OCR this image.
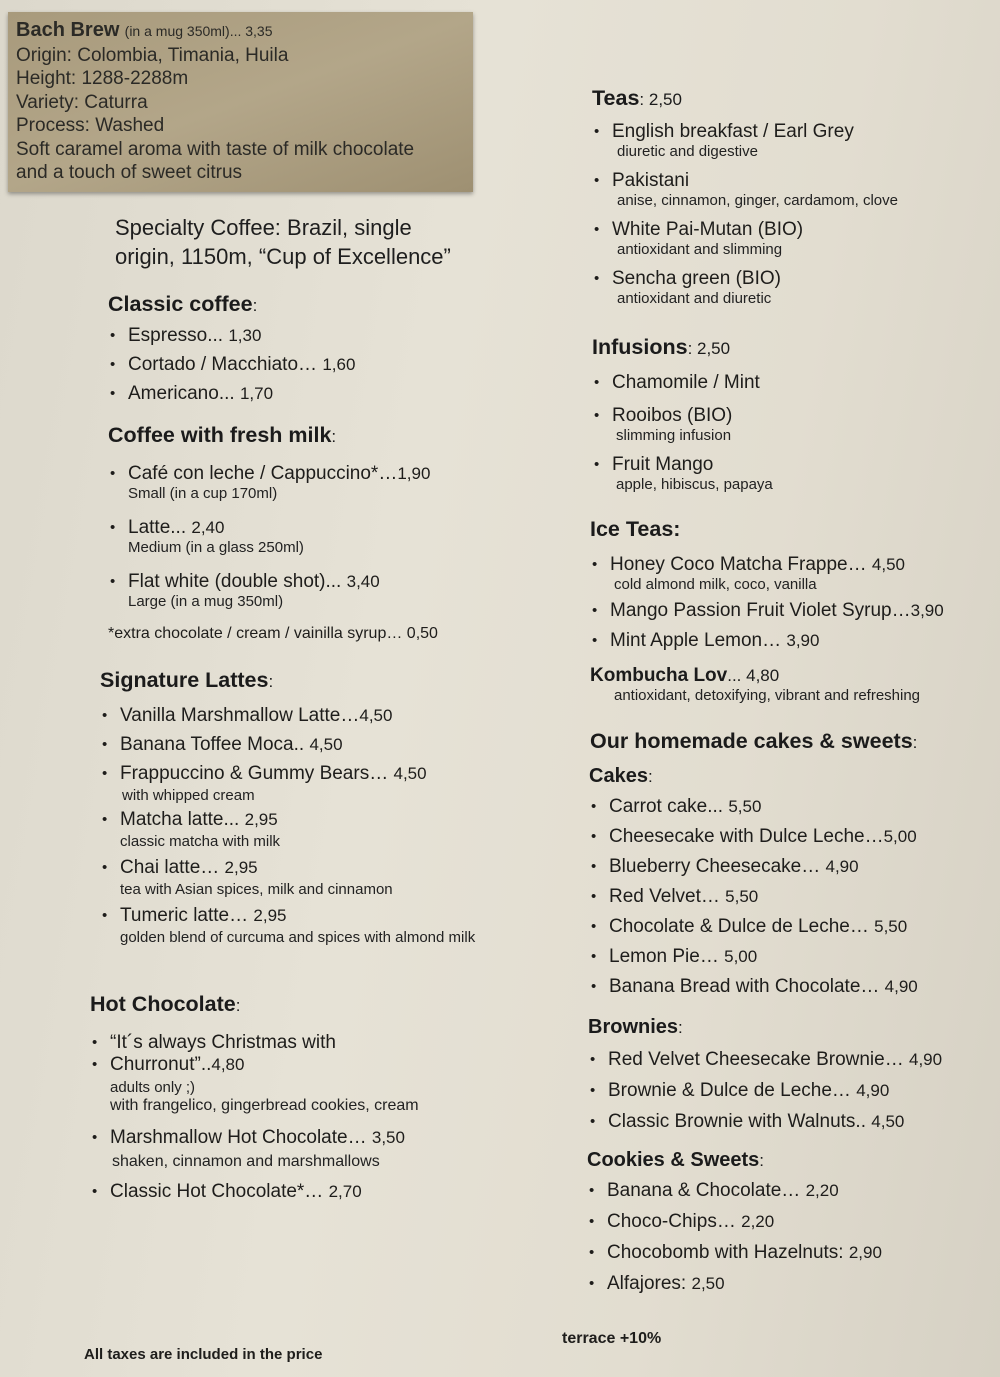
Bach Brew (in a mug 350ml)... 3,35
Origin: Colombia, Timania, Huila
Height: 1288-2288m
Variety: Caturra
Process: Washed
Soft caramel aroma with taste of milk chocolate
and a touch of sweet citrus
Specialty Coffee: Brazil, single
origin, 1150m, “Cup of Excellence”
Classic coffee:
• Espresso... 1,30
• Cortado / Macchiato… 1,60
• Americano... 1,70
Coffee with fresh milk:
• Café con leche / Cappuccino*…1,90
Small (in a cup 170ml)
• Latte... 2,40
Medium (in a glass 250ml)
• Flat white (double shot)... 3,40
Large (in a mug 350ml)
*extra chocolate / cream / vainilla syrup… 0,50
Signature Lattes:
• Vanilla Marshmallow Latte…4,50
• Banana Toffee Moca.. 4,50
• Frappuccino & Gummy Bears… 4,50
with whipped cream
• Matcha latte... 2,95
classic matcha with milk
• Chai latte… 2,95
tea with Asian spices, milk and cinnamon
• Tumeric latte… 2,95
golden blend of curcuma and spices with almond milk
Hot Chocolate:
• “It´s always Christmas with
• Churronut”..4,80
adults only ;)
with frangelico, gingerbread cookies, cream
• Marshmallow Hot Chocolate… 3,50
shaken, cinnamon and marshmallows
• Classic Hot Chocolate*… 2,70
Teas: 2,50
• English breakfast / Earl Grey
diuretic and digestive
• Pakistani
anise, cinnamon, ginger, cardamom, clove
• White Pai-Mutan (BIO)
antioxidant and slimming
• Sencha green (BIO)
antioxidant and diuretic
Infusions: 2,50
• Chamomile / Mint
• Rooibos (BIO)
slimming infusion
• Fruit Mango
apple, hibiscus, papaya
Ice Teas:
• Honey Coco Matcha Frappe… 4,50
cold almond milk, coco, vanilla
• Mango Passion Fruit Violet Syrup…3,90
• Mint Apple Lemon… 3,90
Kombucha Lov... 4,80
antioxidant, detoxifying, vibrant and refreshing
Our homemade cakes & sweets:
Cakes:
• Carrot cake... 5,50
• Cheesecake with Dulce Leche…5,00
• Blueberry Cheesecake… 4,90
• Red Velvet… 5,50
• Chocolate & Dulce de Leche… 5,50
• Lemon Pie… 5,00
• Banana Bread with Chocolate… 4,90
Brownies:
• Red Velvet Cheesecake Brownie… 4,90
• Brownie & Dulce de Leche… 4,90
• Classic Brownie with Walnuts.. 4,50
Cookies & Sweets:
• Banana & Chocolate… 2,20
• Choco-Chips… 2,20
• Chocobomb with Hazelnuts: 2,90
• Alfajores: 2,50
All taxes are included in the price
terrace +10%
